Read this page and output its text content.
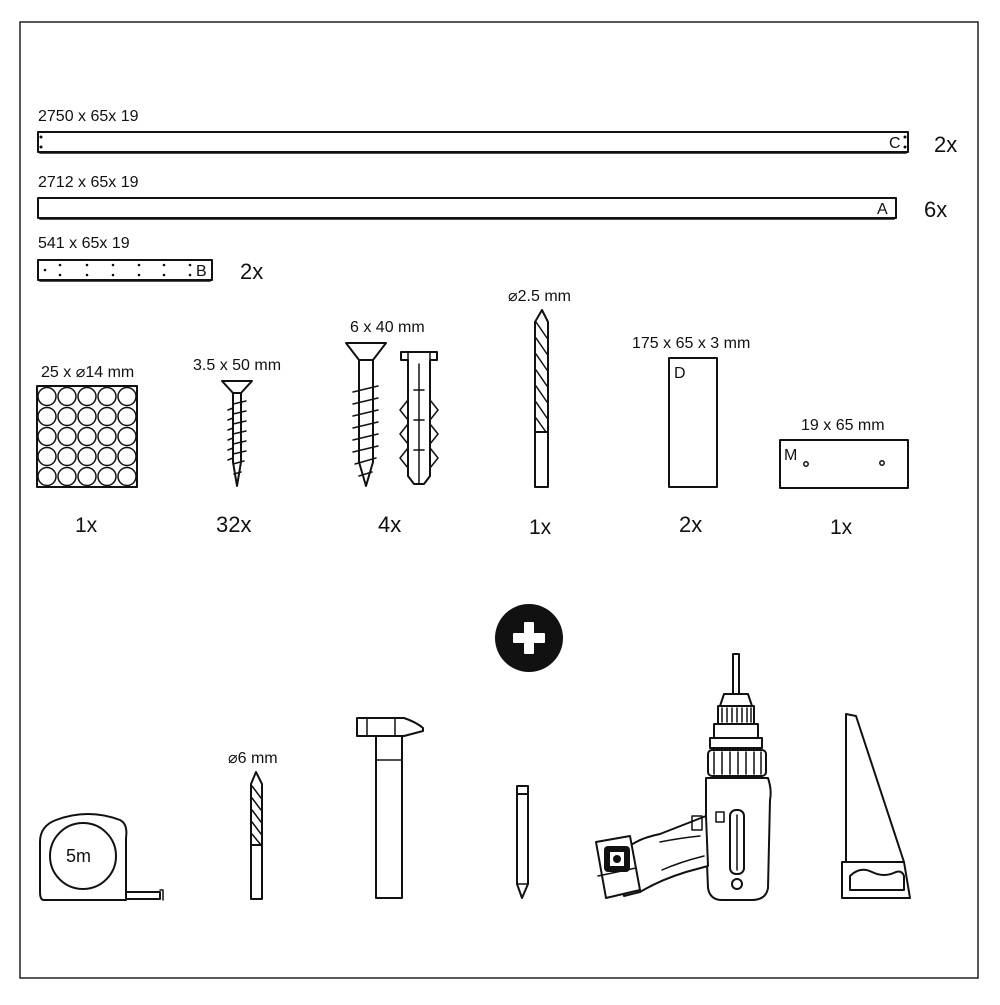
2750 x 65x 19
C 2x
2712 x 65x 19
A 6x
541 x 65x 19
B 2x
25 x ⌀14 mm
1x
3.5 x 50 mm
32x
6 x 40 mm
4x
⌀2.5 mm
1x
175 x 65 x 3 mm
D
2x
19 x 65 mm
M
1x
5m
⌀6 mm
